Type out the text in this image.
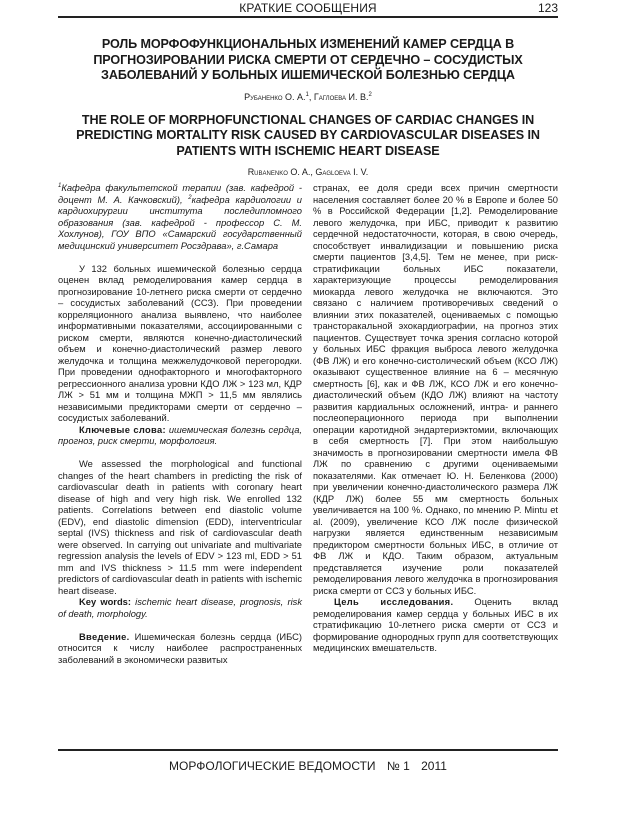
КРАТКИЕ СООБЩЕНИЯ	123
РОЛЬ МОРФОФУНКЦИОНАЛЬНЫХ ИЗМЕНЕНИЙ КАМЕР СЕРДЦА В ПРОГНОЗИРОВАНИИ РИСКА СМЕРТИ ОТ СЕРДЕЧНО – СОСУДИСТЫХ ЗАБОЛЕВАНИЙ У БОЛЬНЫХ ИШЕМИЧЕСКОЙ БОЛЕЗНЬЮ СЕРДЦА
Рубаненко О. А.$^1$, Гаглоева И. В.$^2$
THE ROLE OF MORPHOFUNCTIONAL CHANGES OF CARDIAC CHANGES IN PREDICTING MORTALITY RISK CAUSED BY CARDIOVASCULAR DISEASES IN PATIENTS WITH ISCHEMIC HEART DISEASE
Rubanenko O. A., Gagloeva I. V.

$^1$Кафедра факультетской терапии (зав. кафедрой - доцент М. А. Качковский), $^2$кафедра кардиологии и кардиохирургии института последипломного образования (зав. кафедрой - профессор С. М. Хохлунов), ГОУ ВПО «Самарский государственный медицинский университет Росздрава», г.Самара

У 132 больных ишемической болезнью сердца оценен вклад ремоделирования камер сердца в прогнозирование 10-летнего риска смерти от сердечно – сосудистых заболеваний (ССЗ). При проведении корреляционного анализа выявлено, что наиболее информативными показателями, ассоциированными с риском смерти, являются конечно-диастолический объем и конечно-диастолический размер левого желудочка и толщина межжелудочковой перегородки. При проведении однофакторного и многофакторного регрессионного анализа уровни КДО ЛЖ > 123 мл, КДР ЛЖ > 51 мм и толщина МЖП > 11,5 мм являлись независимыми предикторами смерти от сердечно – сосудистых заболеваний.

Ключевые слова: ишемическая болезнь сердца, прогноз, риск смерти, морфология.

We assessed the morphological and functional changes of the heart chambers in predicting the risk of cardiovascular death in patients with coronary heart disease of high and very high risk. We enrolled 132 patients. Correlations between end diastolic volume (EDV), end diastolic dimension (EDD), interventricular septal (IVS) thickness and risk of cardiovascular death were observed. In carrying out univariate and multivariate regression analysis the levels of EDV > 123 ml, EDD > 51 mm and IVS thickness > 11.5 mm were independent predictors of cardiovascular death in patients with ischemic heart disease.

Key words: ischemic heart disease, prognosis, risk of death, morphology.

Введение. Ишемическая болезнь сердца (ИБС) относится к числу наиболее распространенных заболеваний в экономически развитых

странах, ее доля среди всех причин смертности населения составляет более 20 % в Европе и более 50 % в Российской Федерации [1,2]. Ремоделирование левого желудочка, при ИБС, приводит к развитию сердечной недостаточности, которая, в свою очередь, способствует инвалидизации и повышению риска смерти пациентов [3,4,5]. Тем не менее, при риск-стратификации больных ИБС показатели, характеризующие процессы ремоделирования миокарда левого желудочка не включаются. Это связано с наличием противоречивых сведений о влиянии этих показателей, оцениваемых с помощью трансторакальной эхокардиографии, на прогноз этих пациентов. Существует точка зрения согласно которой у больных ИБС фракция выброса левого желудочка (ФВ ЛЖ) и его конечно-систолический объем (КСО ЛЖ) оказывают существенное влияние на 6 – месячную смертность [6], как и ФВ ЛЖ, КСО ЛЖ и его конечно-диастолический объем (КДО ЛЖ) влияют на частоту развития кардиальных осложнений, интра- и раннего послеоперационного периода при выполнении операции каротидной эндартериэктомии, включающих в себя смертность [7]. При этом наибольшую значимость в прогнозировании смертности имела ФВ ЛЖ по сравнению с другими оцениваемыми показателями. Как отмечает Ю. Н. Беленкова (2000) при увеличении конечно-диастолического размера ЛЖ (КДР ЛЖ) более 55 мм смертность больных увеличивается на 100 %. Однако, по мнению P. Mintu et al. (2009), увеличение КСО ЛЖ после физической нагрузки является единственным независимым предиктором смертности больных ИБС, в отличие от ФВ ЛЖ и КДО. Таким образом, актуальным представляется изучение роли показателей ремоделирования левого желудочка в прогнозирования риска смерти от ССЗ у больных ИБС.

Цель исследования. Оценить вклад ремоделирования камер сердца у больных ИБС в их стратификацию 10-летнего риска смерти от ССЗ и формирование однородных групп для соответствующих медицинских вмешательств.

МОРФОЛОГИЧЕСКИЕ ВЕДОМОСТИ № 1 2011
